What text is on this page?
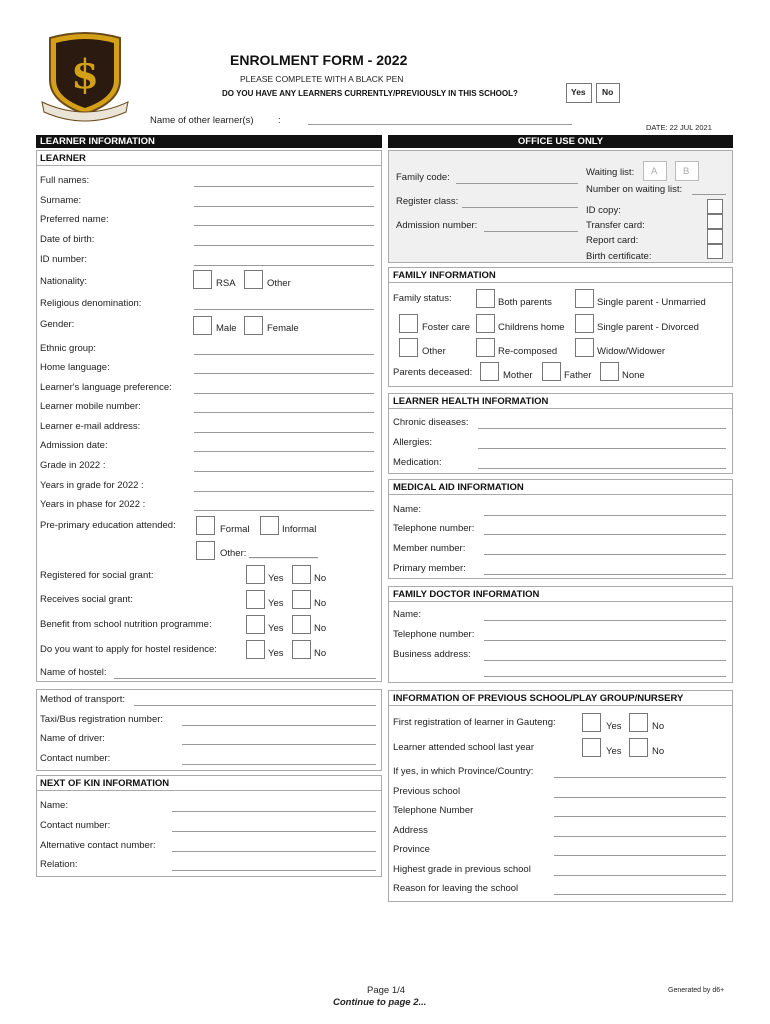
$	ENROLMENT FORM - 2022
PLEASE COMPLETE WITH A BLACK PEN
DO YOU HAVE ANY LEARNERS CURRENTLY/PREVIOUSLY IN THIS SCHOOL?	Yes No
Name of other learner(s)	:
DATE: 22 JUL 2021
LEARNER INFORMATION
LEARNER
Full names:
Surname:
Preferred name:
Date of birth:
ID number:
Nationality:	RSA	Other
Religious denomination:
Gender:	Male	Female
Ethnic group:
Home language:
Learner's language preference:
Learner mobile number:
Learner e-mail address:
Admission date:
Grade in 2022 :
Years in grade for 2022 :
Years in phase for 2022 :
Pre-primary education attended:	Formal	Informal
Other: _____________
Registered for social grant:	Yes	No
Receives social grant:	Yes	No
Benefit from school nutrition programme:	Yes	No
Do you want to apply for hostel residence:	Yes	No
Name of hostel:
Method of transport:
Taxi/Bus registration number:
Name of driver:
Contact number:
NEXT OF KIN INFORMATION
Name:
Contact number:
Alternative contact number:
Relation:
OFFICE USE ONLY
Family code:
Register class:
Admission number:
Waiting list: A	B
Number on waiting list:
ID copy:
Transfer card:
Report card:
Birth certificate:
FAMILY INFORMATION
Family status:	Both parents	Single parent - Unmarried
Foster care	Childrens home	Single parent - Divorced
Other	Re-composed	Widow/Widower
Parents deceased:	Mother	Father	None
LEARNER HEALTH INFORMATION
Chronic diseases:
Allergies:
Medication:
MEDICAL AID INFORMATION
Name:
Telephone number:
Member number:
Primary member:
FAMILY DOCTOR INFORMATION
Name:
Telephone number:
Business address:
INFORMATION OF PREVIOUS SCHOOL/PLAY GROUP/NURSERY
First registration of learner in Gauteng:	Yes	No
Learner attended school last year	Yes	No
If yes, in which Province/Country:
Previous school
Telephone Number
Address
Province
Highest grade in previous school
Reason for leaving the school
Page 1/4
Continue to page 2...
Generated by d6+
